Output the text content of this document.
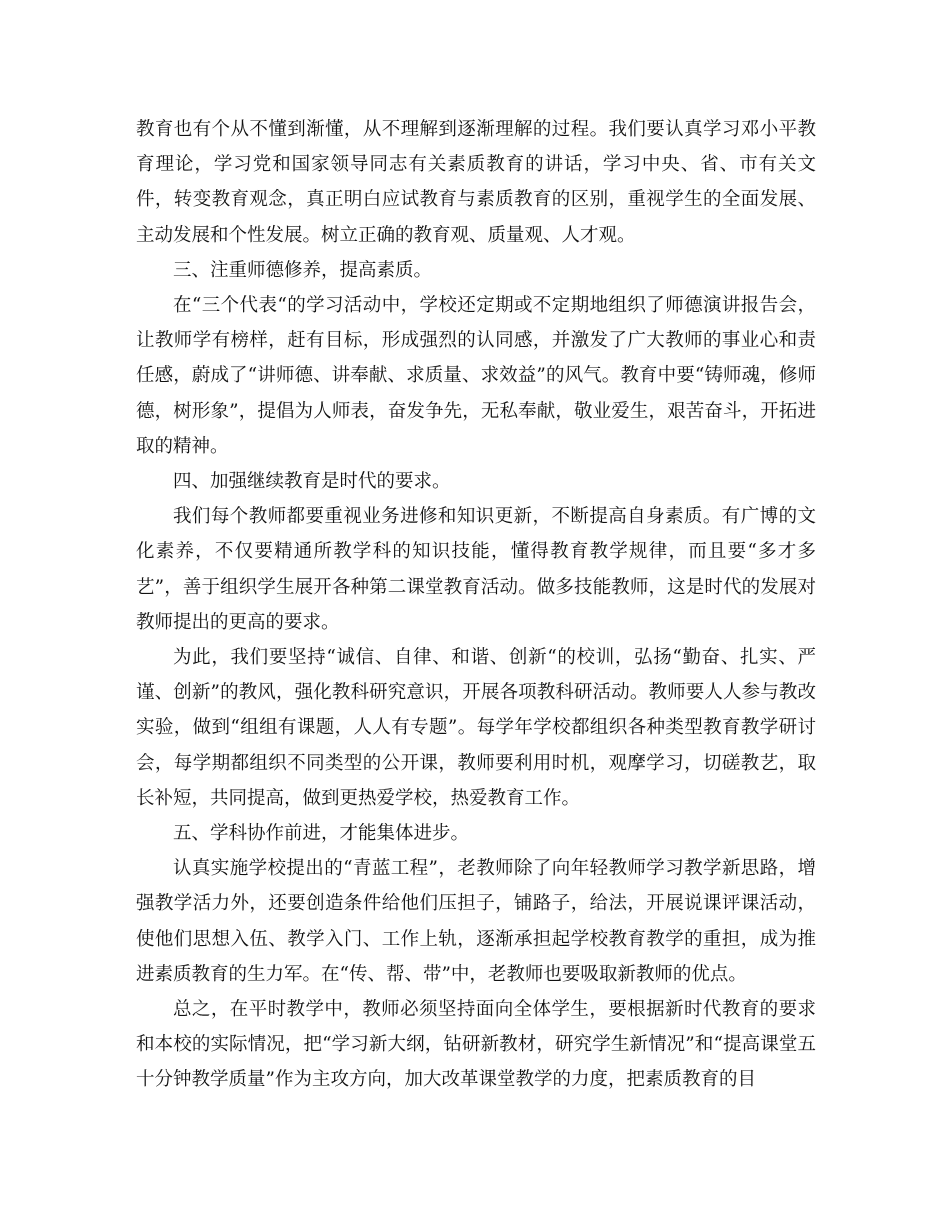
教育也有个从不懂到渐懂，从不理解到逐渐理解的过程。我们要认真学习邓小平教育理论，学习党和国家领导同志有关素质教育的讲话，学习中央、省、市有关文件，转变教育观念，真正明白应试教育与素质教育的区别，重视学生的全面发展、主动发展和个性发展。树立正确的教育观、质量观、人才观。

三、注重师德修养，提高素质。

在“三个代表“的学习活动中，学校还定期或不定期地组织了师德演讲报告会，让教师学有榜样，赶有目标，形成强烈的认同感，并激发了广大教师的事业心和责任感，蔚成了“讲师德、讲奉献、求质量、求效益”的风气。教育中要“铸师魂，修师德，树形象”，提倡为人师表，奋发争先，无私奉献，敬业爱生，艰苦奋斗，开拓进取的精神。

四、加强继续教育是时代的要求。

我们每个教师都要重视业务进修和知识更新，不断提高自身素质。有广博的文化素养，不仅要精通所教学科的知识技能，懂得教育教学规律，而且要“多才多艺”，善于组织学生展开各种第二课堂教育活动。做多技能教师，这是时代的发展对教师提出的更高的要求。

为此，我们要坚持“诚信、自律、和谐、创新“的校训，弘扬“勤奋、扎实、严谨、创新”的教风，强化教科研究意识，开展各项教科研活动。教师要人人参与教改实验，做到“组组有课题，人人有专题”。每学年学校都组织各种类型教育教学研讨会，每学期都组织不同类型的公开课，教师要利用时机，观摩学习，切磋教艺，取长补短，共同提高，做到更热爱学校，热爱教育工作。

五、学科协作前进，才能集体进步。

认真实施学校提出的“青蓝工程”，老教师除了向年轻教师学习教学新思路，增强教学活力外，还要创造条件给他们压担子，铺路子，给法，开展说课评课活动，使他们思想入伍、教学入门、工作上轨，逐渐承担起学校教育教学的重担，成为推进素质教育的生力军。在“传、帮、带”中，老教师也要吸取新教师的优点。

总之，在平时教学中，教师必须坚持面向全体学生，要根据新时代教育的要求和本校的实际情况，把“学习新大纲，钻研新教材，研究学生新情况”和“提高课堂五十分钟教学质量”作为主攻方向，加大改革课堂教学的力度，把素质教育的目
